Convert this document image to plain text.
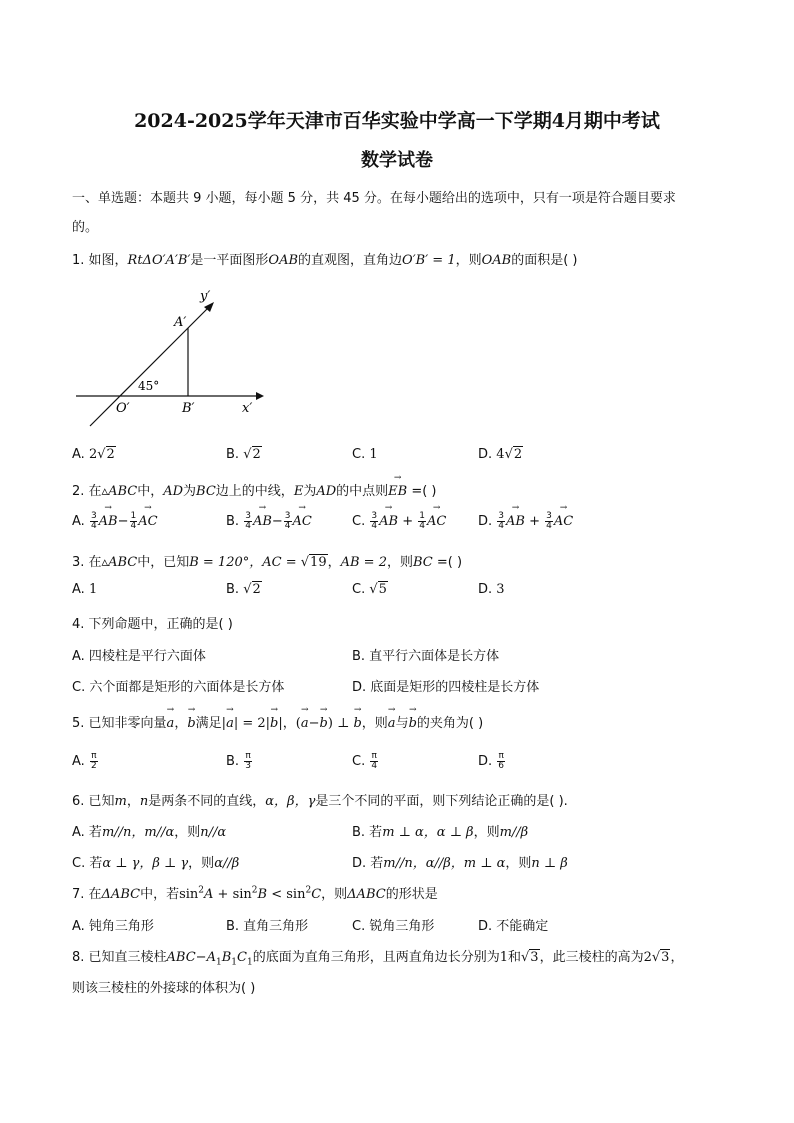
2024-2025学年天津市百华实验中学高一下学期4月期中考试
数学试卷
一、单选题：本题共 9 小题，每小题 5 分，共 45 分。在每小题给出的选项中，只有一项是符合题目要求
的。
1. 如图，RtΔO′A′B′是一平面图形OAB的直观图，直角边O′B′ = 1，则OAB的面积是( )
y′
A′
45°
O′	B′	x′
A. 2√2	B. √2	C. 1	D. 4√2
2. 在▵ABC中，AD为BC边上的中线，E为AD的中点则→ EB =( )
A. $\frac{3}{4}$
→ $AB- \frac{1}{4}$
→ AC	B. $\frac{3}{4}$
→ $AB- \frac{3}{4}$
→ AC	C. $\frac{3}{4}$
→ AB + $\frac{1}{4}$
→ AC D. $\frac{3}{4}$
→ AB + $\frac{3}{4}$
→ AC
3. 在▵ABC中，已知B = 120°，AC = √19，AB = 2，则BC =( )
A. 1	B. √2	C. √5	D. 3
4. 下列命题中，正确的是( )
A. 四棱柱是平行六面体	B. 直平行六面体是长方体
C. 六个面都是矩形的六面体是长方体	D. 底面是矩形的四棱柱是长方体
5. 已知非零向量→ a，→ b满足|→ a| = 2|→ b|，(→ a−→ b) ⊥ → b，则→ a与→ b的夹角为( )
A. $\frac{\pi}{2}$	B. $\frac{\pi}{3}$	C. $\frac{\pi}{4}$	D. $\frac{\pi}{6}$
6. 已知m，n是两条不同的直线，α，β，γ是三个不同的平面，则下列结论正确的是( ).
A. 若m//n，m//α，则n//α	B. 若m ⊥ α，α ⊥ β，则m//β
C. 若α ⊥ γ，β ⊥ γ，则α//β	D. 若m//n，α//β，m ⊥ α，则n ⊥ β
7. 在ΔABC中，若$\sin^2A + \sin^2B < \sin^2C$，则ΔABC的形状是
A. 钝角三角形	B. 直角三角形	C. 锐角三角形	D. 不能确定
8. 已知直三棱柱$ABC-A_1B_1C_1$的底面为直角三角形，且两直角边长分别为1和√3，此三棱柱的高为2√3，
则该三棱柱的外接球的体积为( )
